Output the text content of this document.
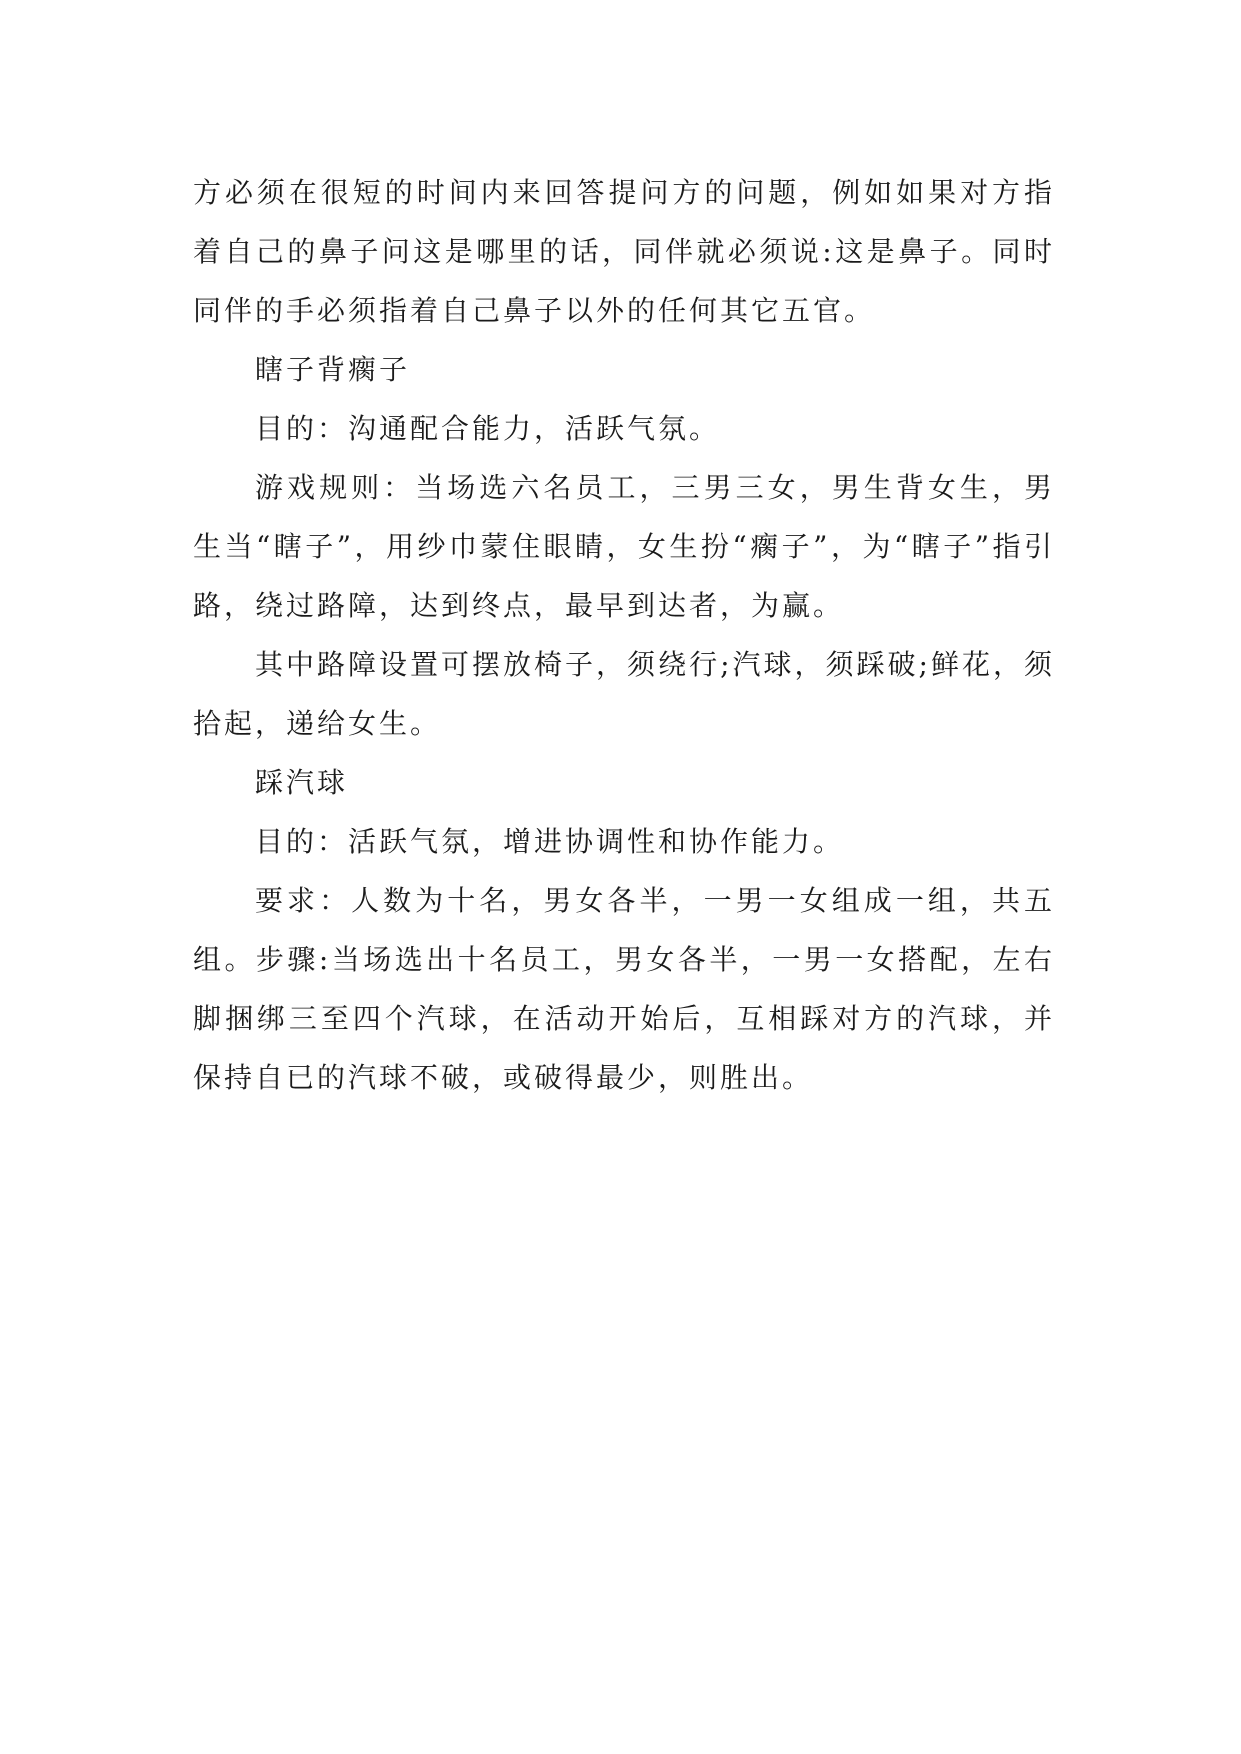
方必须在很短的时间内来回答提问方的问题，例如如果对方指着自己的鼻子问这是哪里的话，同伴就必须说:这是鼻子。同时同伴的手必须指着自己鼻子以外的任何其它五官。

瞎子背瘸子

目的：沟通配合能力，活跃气氛。

游戏规则：当场选六名员工，三男三女，男生背女生，男生当“瞎子”，用纱巾蒙住眼睛，女生扮“瘸子”，为“瞎子”指引路，绕过路障，达到终点，最早到达者，为赢。

其中路障设置可摆放椅子，须绕行;汽球，须踩破;鲜花，须拾起，递给女生。

踩汽球

目的：活跃气氛，增进协调性和协作能力。

要求：人数为十名，男女各半，一男一女组成一组，共五组。步骤:当场选出十名员工，男女各半，一男一女搭配，左右脚捆绑三至四个汽球，在活动开始后，互相踩对方的汽球，并保持自已的汽球不破，或破得最少，则胜出。
